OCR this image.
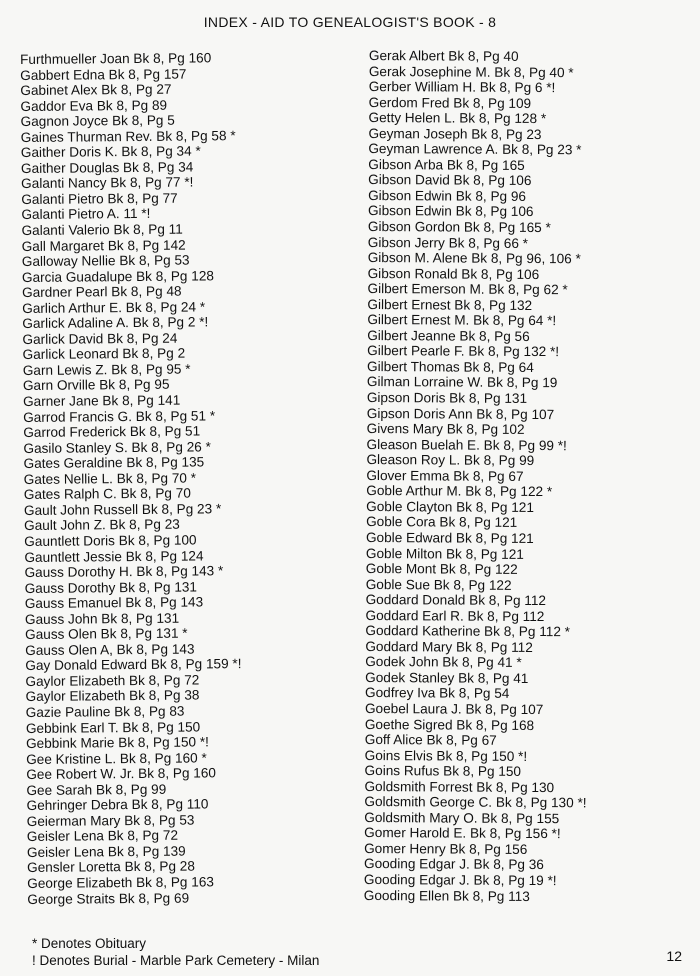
INDEX - AID TO GENEALOGIST'S BOOK - 8
Furthmueller Joan Bk 8, Pg 160
Gabbert Edna Bk 8, Pg 157
Gabinet Alex Bk 8, Pg 27
Gaddor Eva Bk 8, Pg 89
Gagnon Joyce Bk 8, Pg 5
Gaines Thurman Rev. Bk 8, Pg 58 *
Gaither Doris K. Bk 8, Pg 34 *
Gaither Douglas Bk 8, Pg 34
Galanti Nancy Bk 8, Pg 77 *!
Galanti Pietro Bk 8, Pg 77
Galanti Pietro A. 11 *!
Galanti Valerio Bk 8, Pg 11
Gall Margaret Bk 8, Pg 142
Galloway Nellie Bk 8, Pg 53
Garcia Guadalupe Bk 8, Pg 128
Gardner Pearl Bk 8, Pg 48
Garlich Arthur E. Bk 8, Pg 24 *
Garlick Adaline A. Bk 8, Pg 2 *!
Garlick David Bk 8, Pg 24
Garlick Leonard Bk 8, Pg 2
Garn Lewis Z. Bk 8, Pg 95 *
Garn Orville Bk 8, Pg 95
Garner Jane Bk 8, Pg 141
Garrod Francis G. Bk 8, Pg 51 *
Garrod Frederick Bk 8, Pg 51
Gasilo Stanley S. Bk 8, Pg 26 *
Gates Geraldine Bk 8, Pg 135
Gates Nellie L. Bk 8, Pg 70 *
Gates Ralph C. Bk 8, Pg 70
Gault John Russell Bk 8, Pg 23 *
Gault John Z. Bk 8, Pg 23
Gauntlett Doris Bk 8, Pg 100
Gauntlett Jessie Bk 8, Pg 124
Gauss Dorothy H. Bk 8, Pg 143 *
Gauss Dorothy Bk 8, Pg 131
Gauss Emanuel Bk 8, Pg 143
Gauss John Bk 8, Pg 131
Gauss Olen Bk 8, Pg 131 *
Gauss Olen A, Bk 8, Pg 143
Gay Donald Edward Bk 8, Pg 159 *!
Gaylor Elizabeth Bk 8, Pg 72
Gaylor Elizabeth Bk 8, Pg 38
Gazie Pauline Bk 8, Pg 83
Gebbink Earl T. Bk 8, Pg 150
Gebbink Marie Bk 8, Pg 150 *!
Gee Kristine L. Bk 8, Pg 160 *
Gee Robert W. Jr. Bk 8, Pg 160
Gee Sarah Bk 8, Pg 99
Gehringer Debra Bk 8, Pg 110
Geierman Mary Bk 8, Pg 53
Geisler Lena Bk 8, Pg 72
Geisler Lena Bk 8, Pg 139
Gensler Loretta Bk 8, Pg 28
George Elizabeth Bk 8, Pg 163
George Straits Bk 8, Pg 69
Gerak Albert Bk 8, Pg 40
Gerak Josephine M. Bk 8, Pg 40 *
Gerber William H. Bk 8, Pg 6 *!
Gerdom Fred Bk 8, Pg 109
Getty Helen L. Bk 8, Pg 128 *
Geyman Joseph Bk 8, Pg 23
Geyman Lawrence A. Bk 8, Pg 23 *
Gibson Arba Bk 8, Pg 165
Gibson David Bk 8, Pg 106
Gibson Edwin Bk 8, Pg 96
Gibson Edwin Bk 8, Pg 106
Gibson Gordon Bk 8, Pg 165 *
Gibson Jerry Bk 8, Pg 66 *
Gibson M. Alene Bk 8, Pg 96, 106 *
Gibson Ronald Bk 8, Pg 106
Gilbert Emerson M. Bk 8, Pg 62 *
Gilbert Ernest Bk 8, Pg 132
Gilbert Ernest M. Bk 8, Pg 64 *!
Gilbert Jeanne Bk 8, Pg 56
Gilbert Pearle F. Bk 8, Pg 132 *!
Gilbert Thomas Bk 8, Pg 64
Gilman Lorraine W. Bk 8, Pg 19
Gipson Doris Bk 8, Pg 131
Gipson Doris Ann Bk 8, Pg 107
Givens Mary Bk 8, Pg 102
Gleason Buelah E. Bk 8, Pg 99 *!
Gleason Roy L. Bk 8, Pg 99
Glover Emma Bk 8, Pg 67
Goble Arthur M. Bk 8, Pg 122 *
Goble Clayton Bk 8, Pg 121
Goble Cora Bk 8, Pg 121
Goble Edward Bk 8, Pg 121
Goble Milton Bk 8, Pg 121
Goble Mont Bk 8, Pg 122
Goble Sue Bk 8, Pg 122
Goddard Donald Bk 8, Pg 112
Goddard Earl R. Bk 8, Pg 112
Goddard Katherine Bk 8, Pg 112 *
Goddard Mary Bk 8, Pg 112
Godek John Bk 8, Pg 41 *
Godek Stanley Bk 8, Pg 41
Godfrey Iva Bk 8, Pg 54
Goebel Laura J. Bk 8, Pg 107
Goethe Sigred Bk 8, Pg 168
Goff Alice Bk 8, Pg 67
Goins Elvis Bk 8, Pg 150 *!
Goins Rufus Bk 8, Pg 150
Goldsmith Forrest Bk 8, Pg 130
Goldsmith George C. Bk 8, Pg 130 *!
Goldsmith Mary O. Bk 8, Pg 155
Gomer Harold E. Bk 8, Pg 156 *!
Gomer Henry Bk 8, Pg 156
Gooding Edgar J. Bk 8, Pg 36
Gooding Edgar J. Bk 8, Pg 19 *!
Gooding Ellen Bk 8, Pg 113
* Denotes Obituary
! Denotes Burial - Marble Park Cemetery - Milan	12
